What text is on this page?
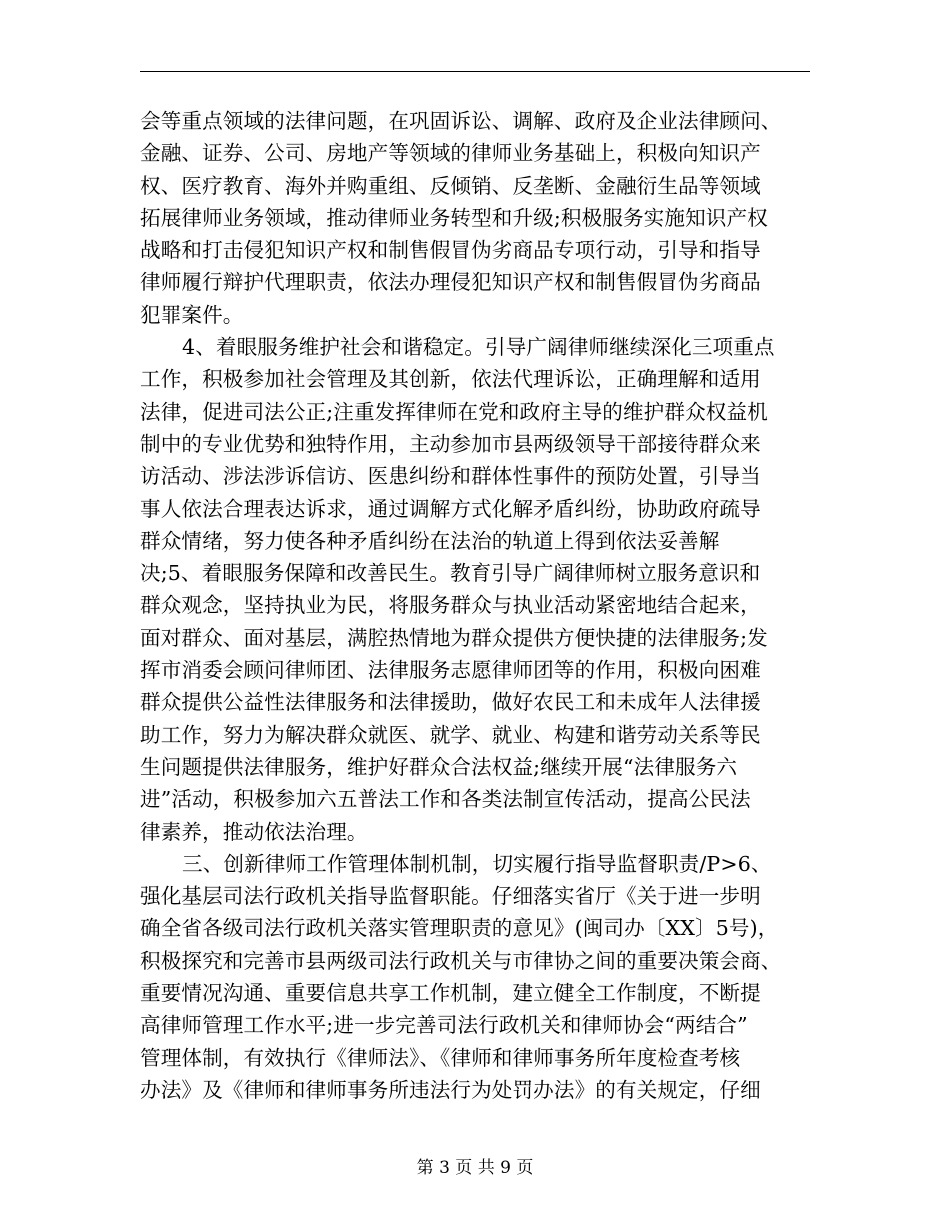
会等重点领域的法律问题，在巩固诉讼、调解、政府及企业法律顾问、
金融、证券、公司、房地产等领域的律师业务基础上，积极向知识产
权、医疗教育、海外并购重组、反倾销、反垄断、金融衍生品等领域
拓展律师业务领域，推动律师业务转型和升级;积极服务实施知识产权
战略和打击侵犯知识产权和制售假冒伪劣商品专项行动，引导和指导
律师履行辩护代理职责，依法办理侵犯知识产权和制售假冒伪劣商品
犯罪案件。
4、着眼服务维护社会和谐稳定。引导广阔律师继续深化三项重点
工作，积极参加社会管理及其创新，依法代理诉讼，正确理解和适用
法律，促进司法公正;注重发挥律师在党和政府主导的维护群众权益机
制中的专业优势和独特作用，主动参加市县两级领导干部接待群众来
访活动、涉法涉诉信访、医患纠纷和群体性事件的预防处置，引导当
事人依法合理表达诉求，通过调解方式化解矛盾纠纷，协助政府疏导
群众情绪，努力使各种矛盾纠纷在法治的轨道上得到依法妥善解
决;5、着眼服务保障和改善民生。教育引导广阔律师树立服务意识和
群众观念，坚持执业为民，将服务群众与执业活动紧密地结合起来，
面对群众、面对基层，满腔热情地为群众提供方便快捷的法律服务;发
挥市消委会顾问律师团、法律服务志愿律师团等的作用，积极向困难
群众提供公益性法律服务和法律援助，做好农民工和未成年人法律援
助工作，努力为解决群众就医、就学、就业、构建和谐劳动关系等民
生问题提供法律服务，维护好群众合法权益;继续开展“法律服务六
进”活动，积极参加六五普法工作和各类法制宣传活动，提高公民法
律素养，推动依法治理。
三、创新律师工作管理体制机制，切实履行指导监督职责/P>6、
强化基层司法行政机关指导监督职能。仔细落实省厅《关于进一步明
确全省各级司法行政机关落实管理职责的意见》(闽司办〔XX〕5号)，
积极探究和完善市县两级司法行政机关与市律协之间的重要决策会商、
重要情况沟通、重要信息共享工作机制，建立健全工作制度，不断提
高律师管理工作水平;进一步完善司法行政机关和律师协会“两结合”
管理体制，有效执行《律师法》、《律师和律师事务所年度检查考核
办法》及《律师和律师事务所违法行为处罚办法》的有关规定，仔细
第 3 页 共 9 页
